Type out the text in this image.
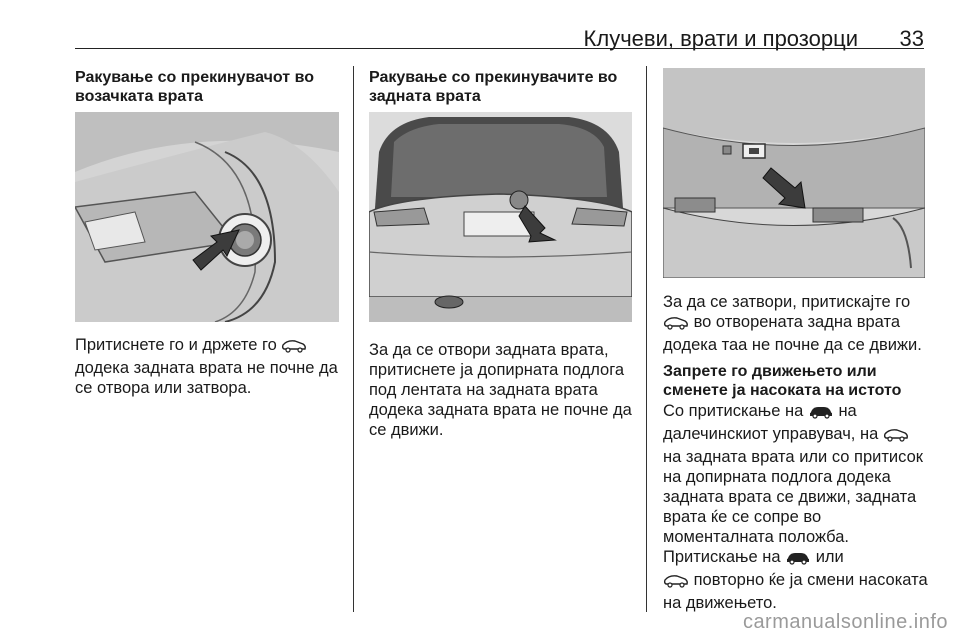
Клучеви, врати и прозорци 33
Ракување со прекинувачот во возачката врата
Притиснете го и држете го
додека задната врата не почне да се отвора или затвора.
Ракување со прекинувачите во задната врата
За да се отвори задната врата, притиснете ја допирната подлога под лентата на задната врата додека задната врата не почне да се движи.
За да се затвори, притискајте го
во отворената задна врата додека таа не почне да се движи.
Запрете го движењето или сменете ја насоката на истото
Со притискање на на далечинскиот управувач, на  на задната врата или со притисок на допирната подлога додека задната врата се движи, задната врата ќе се сопре во моменталната положба. Притискање на или
повторно ќе ја смени насоката на движењето.
carmanualsonline.info
